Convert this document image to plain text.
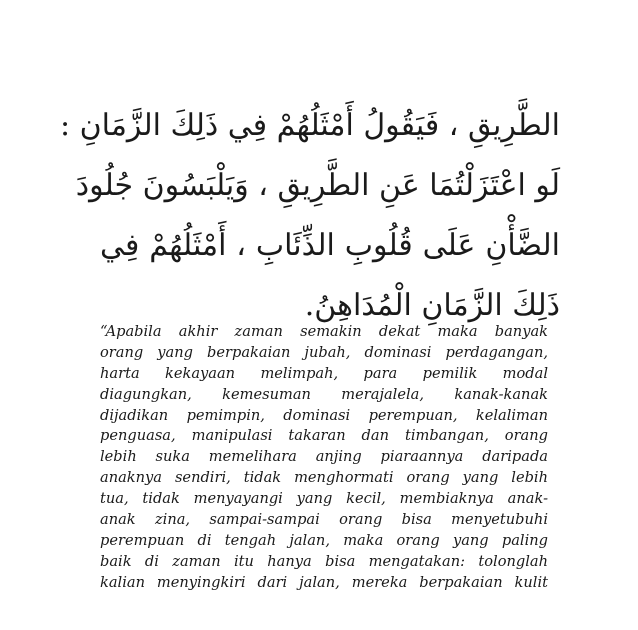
الطَّرِيقِ ، فَيَقُولُ أَمْثَلُهُمْ فِي ذَلِكَ الزَّمَانِ :
لَو اعْتَزَلْتُمَا عَنِ الطَّرِيقِ ، وَيَلْبَسُونَ جُلُودَ
الضَّأْنِ عَلَى قُلُوبِ الذِّئَابِ ، أَمْثَلُهُمْ فِي
ذَلِكَ الزَّمَانِ الْمُدَاهِنُ.
“Apabila akhir zaman semakin dekat maka banyak
orang yang berpakaian jubah, dominasi perdagangan,
harta kekayaan melimpah, para pemilik modal
diagungkan, kemesuman merajalela, kanak-kanak
dijadikan pemimpin, dominasi perempuan, kelaliman
penguasa, manipulasi takaran dan timbangan, orang
lebih suka memelihara anjing piaraannya daripada
anaknya sendiri, tidak menghormati orang yang lebih
tua, tidak menyayangi yang kecil, membiaknya anak-
anak zina, sampai-sampai orang bisa menyetubuhi
perempuan di tengah jalan, maka orang yang paling
baik di zaman itu hanya bisa mengatakan: tolonglah
kalian menyingkiri dari jalan, mereka berpakaian kulit
